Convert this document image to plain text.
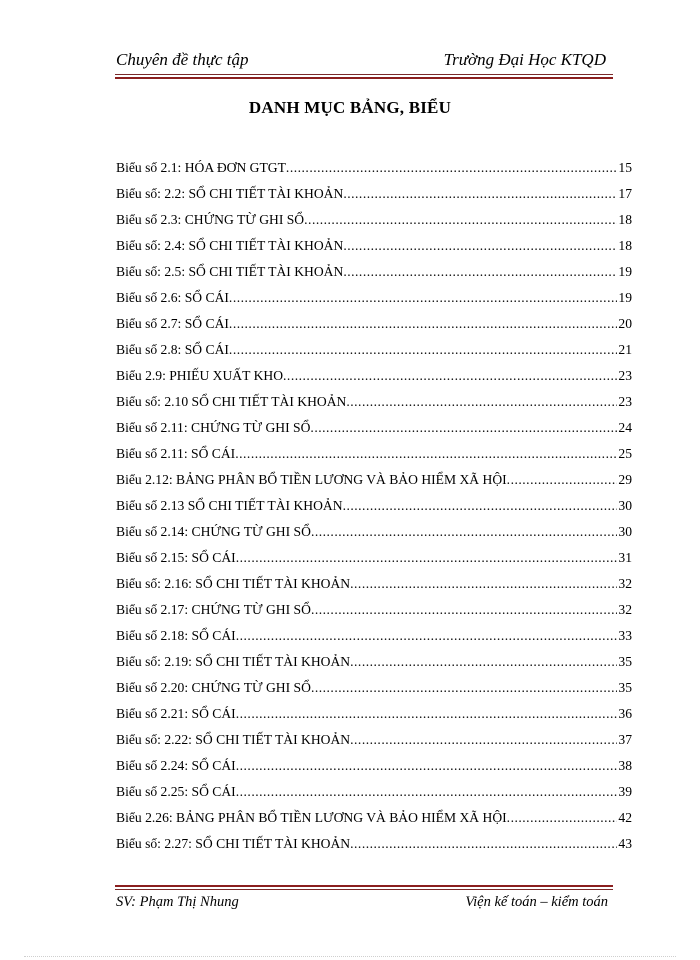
Chuyên đề thực tập	Trường Đại Học KTQD
DANH MỤC BẢNG, BIỂU
Biểu số 2.1: HÓA ĐƠN GTGT .....	15
Biểu số: 2.2: SỔ CHI TIẾT TÀI KHOẢN .....	17
Biểu số 2.3: CHỨNG TỪ GHI SỔ .....	18
Biểu số: 2.4: SỔ CHI TIẾT TÀI KHOẢN .....	18
Biểu số: 2.5: SỔ CHI TIẾT TÀI KHOẢN .....	19
Biểu số 2.6: SỔ CÁI .....	19
Biểu số 2.7: SỔ CÁI .....	20
Biểu số 2.8: SỔ CÁI .....	21
Biểu 2.9: PHIẾU XUẤT KHO .....	23
Biểu số: 2.10 SỔ CHI TIẾT TÀI KHOẢN .....	23
Biểu số 2.11: CHỨNG TỪ GHI SỔ .....	24
Biểu số 2.11: SỔ CÁI .....	25
Biểu 2.12: BẢNG PHÂN BỔ TIỀN LƯƠNG VÀ BẢO HIỂM XÃ HỘI .....	29
Biểu số 2.13 SỔ CHI TIẾT TÀI KHOẢN .....	30
Biểu số 2.14: CHỨNG TỪ GHI SỔ .....	30
Biểu số 2.15: SỔ CÁI .....	31
Biểu số: 2.16: SỔ CHI TIẾT TÀI KHOẢN .....	32
Biểu số 2.17: CHỨNG TỪ GHI SỔ .....	32
Biểu số 2.18: SỔ CÁI .....	33
Biểu số: 2.19: SỔ CHI TIẾT TÀI KHOẢN .....	35
Biểu số 2.20: CHỨNG TỪ GHI SỔ .....	35
Biểu số 2.21: SỔ CÁI .....	36
Biểu số: 2.22: SỔ CHI TIẾT TÀI KHOẢN .....	37
Biểu số 2.24: SỔ CÁI .....	38
Biểu số 2.25: SỔ CÁI .....	39
Biểu 2.26: BẢNG PHÂN BỔ TIỀN LƯƠNG VÀ BẢO HIỂM XÃ HỘI .....	42
Biểu số: 2.27: SỔ CHI TIẾT TÀI KHOẢN .....	43
SV: Phạm Thị Nhung	Viện kế toán – kiểm toán
